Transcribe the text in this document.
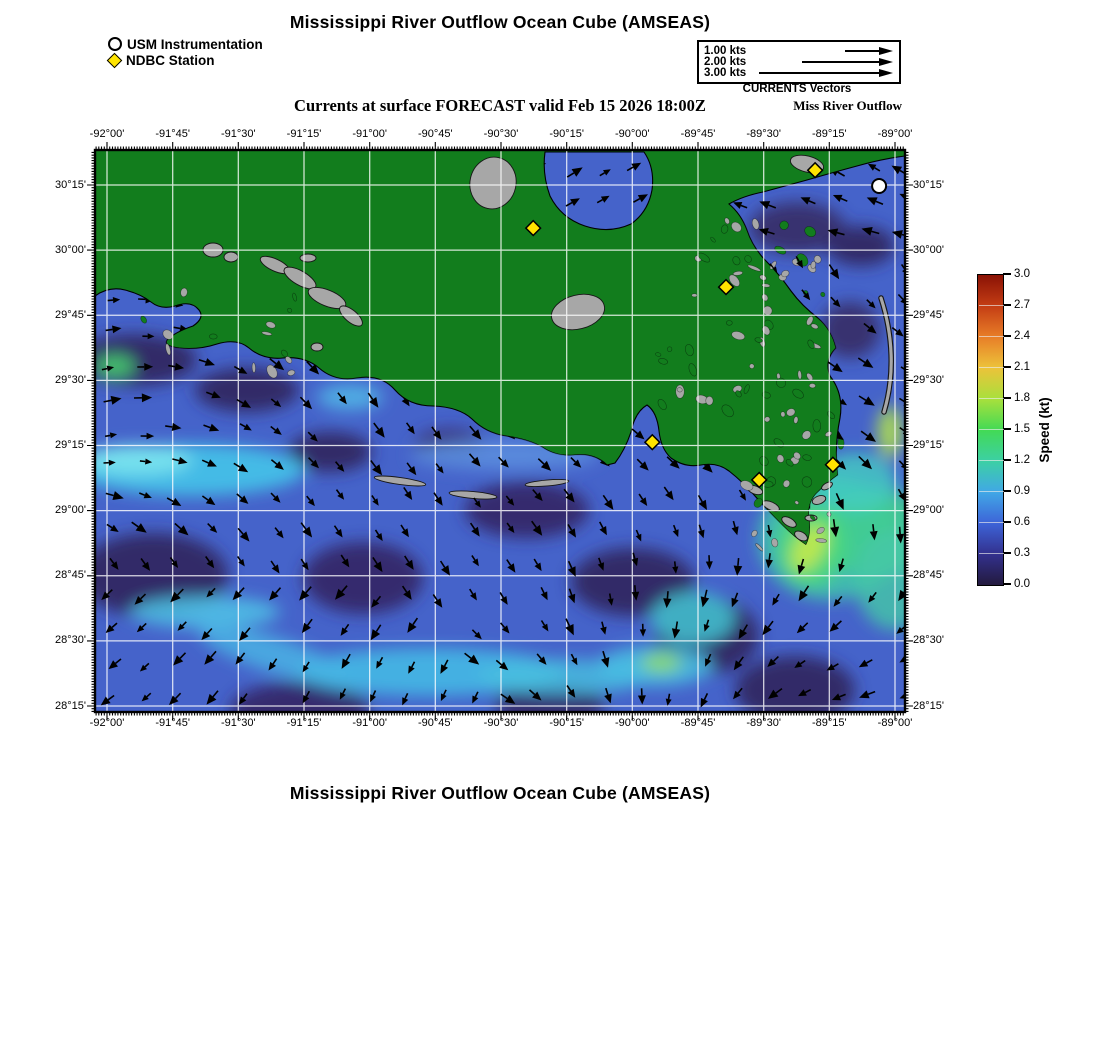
Mississippi River Outflow Ocean Cube (AMSEAS)
USM Instrumentation
NDBC Station
1.00 kts
2.00 kts
3.00 kts
CURRENTS Vectors
Currents at surface FORECAST valid Feb 15 2026 18:00Z	Miss River Outflow
Speed (kt)
Mississippi River Outflow Ocean Cube (AMSEAS)
-92°00'
-92°00'
-91°45'
-91°45'
-91°30'
-91°30'
-91°15'
-91°15'
-91°00'
-91°00'
-90°45'
-90°45'
-90°30'
-90°30'
-90°15'
-90°15'
-90°00'
-90°00'
-89°45'
-89°45'
-89°30'
-89°30'
-89°15'
-89°15'
-89°00'
-89°00'
30°15'	30°15'
30°00'	30°00'
29°45'	29°45'
29°30'	29°30'
29°15'	29°15'
29°00'	29°00'
28°45'	28°45'
28°30'	28°30'
28°15'	28°15'
0.0
0.3
0.6
0.9
1.2
1.5
1.8
2.1
2.4
2.7
3.0
